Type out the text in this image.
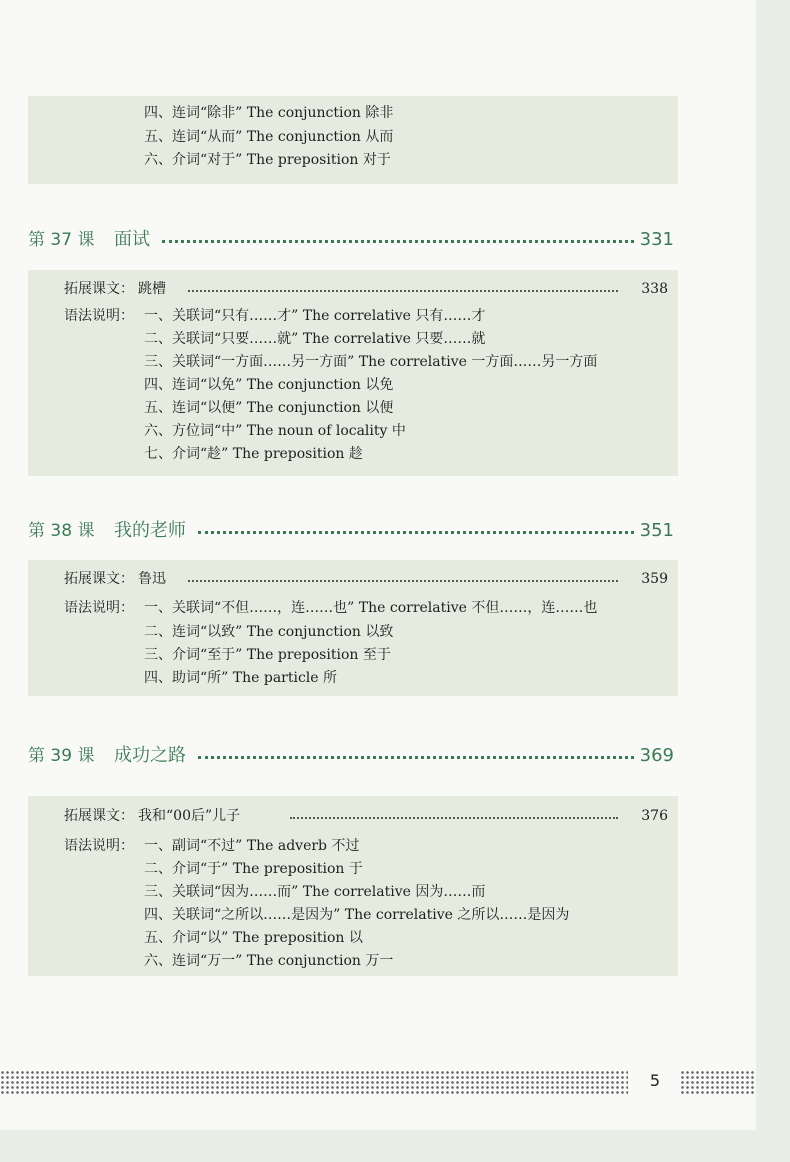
四、连词“除非” The conjunction 除非
五、连词“从而” The conjunction 从而
六、介词“对于” The preposition 对于
第 37 课 面试	331
拓展课文： 跳槽	338
语法说明： 一、关联词“只有……才” The correlative 只有……才
二、关联词“只要……就” The correlative 只要……就
三、关联词“一方面……另一方面” The correlative 一方面……另一方面
四、连词“以免” The conjunction 以免
五、连词“以便” The conjunction 以便
六、方位词“中” The noun of locality 中
七、介词“趁” The preposition 趁
第 38 课 我的老师	351
拓展课文： 鲁迅	359
语法说明： 一、关联词“不但……，连……也” The correlative 不但……，连……也
二、连词“以致” The conjunction 以致
三、介词“至于” The preposition 至于
四、助词“所” The particle 所
第 39 课 成功之路	369
拓展课文： 我和“00后”儿子	376
语法说明： 一、副词“不过” The adverb 不过
二、介词“于” The preposition 于
三、关联词“因为……而” The correlative 因为……而
四、关联词“之所以……是因为” The correlative 之所以……是因为
五、介词“以” The preposition 以
六、连词“万一” The conjunction 万一
5
